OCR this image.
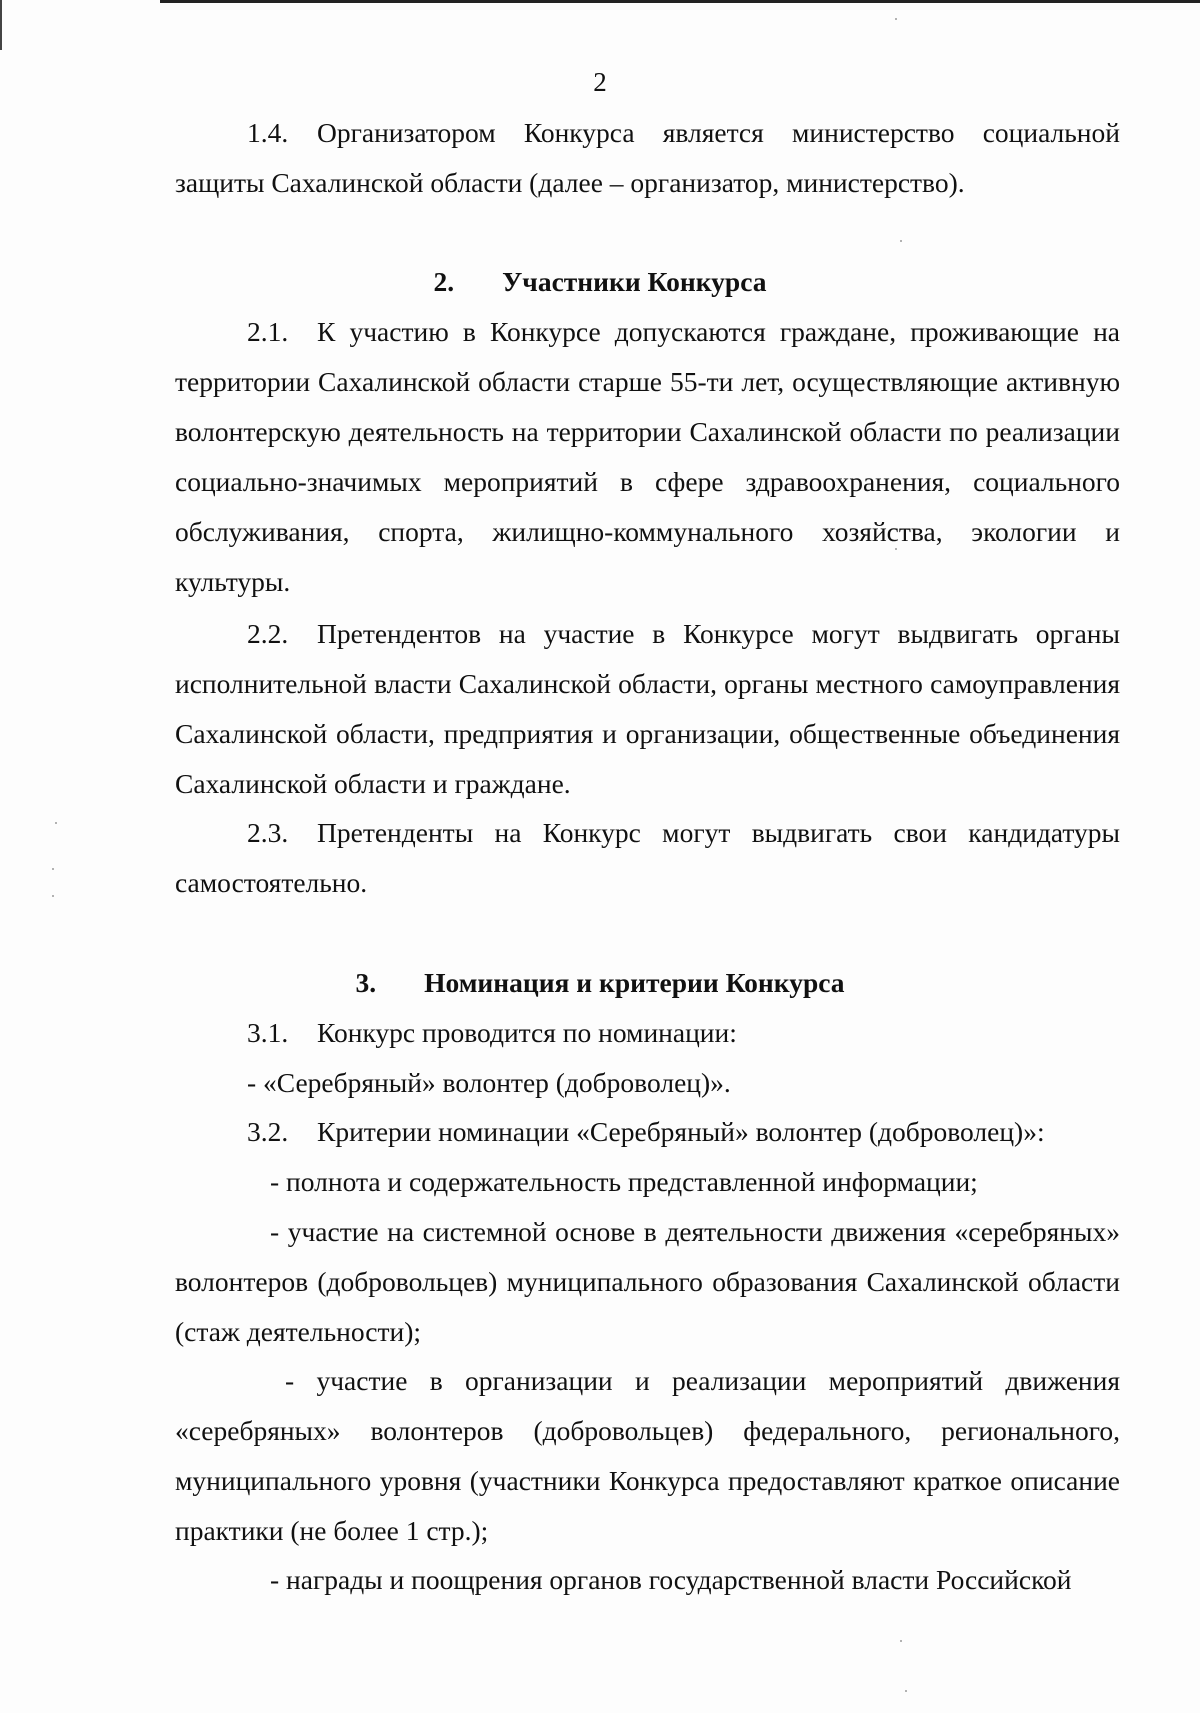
2

1.4. Организатором Конкурса является министерство социальной защиты Сахалинской области (далее – организатор, министерство).

2. Участники Конкурса

2.1. К участию в Конкурсе допускаются граждане, проживающие на территории Сахалинской области старше 55-ти лет, осуществляющие активную волонтерскую деятельность на территории Сахалинской области по реализации социально-значимых мероприятий в сфере здравоохранения, социального обслуживания, спорта, жилищно-коммунального хозяйства, экологии и культуры.

2.2. Претендентов на участие в Конкурсе могут выдвигать органы исполнительной власти Сахалинской области, органы местного самоуправления Сахалинской области, предприятия и организации, общественные объединения Сахалинской области и граждане.

2.3. Претенденты на Конкурс могут выдвигать свои кандидатуры самостоятельно.

3. Номинация и критерии Конкурса

3.1. Конкурс проводится по номинации:

- «Серебряный» волонтер (доброволец)».

3.2. Критерии номинации «Серебряный» волонтер (доброволец)»:

- полнота и содержательность представленной информации;

- участие на системной основе в деятельности движения «серебряных» волонтеров (добровольцев) муниципального образования Сахалинской области (стаж деятельности);

- участие в организации и реализации мероприятий движения «серебряных» волонтеров (добровольцев) федерального, регионального, муниципального уровня (участники Конкурса предоставляют краткое описание практики (не более 1 стр.);

- награды и поощрения органов государственной власти Российской
